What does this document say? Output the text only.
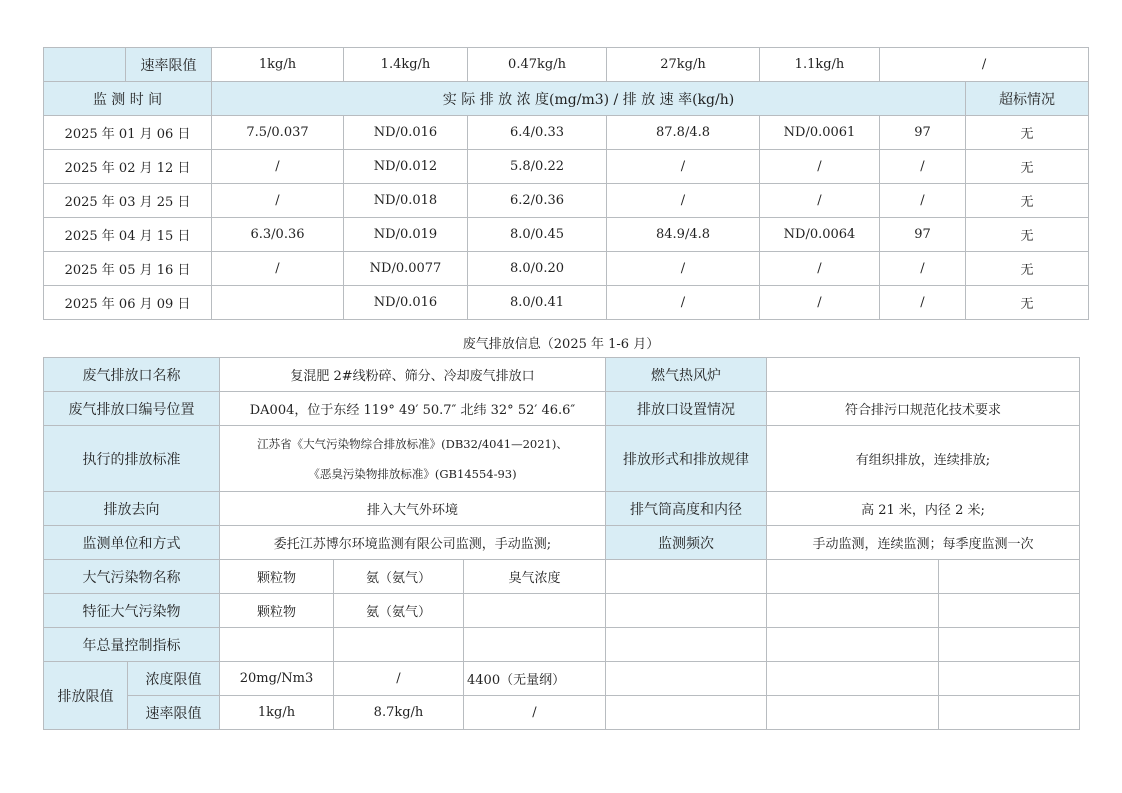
	速率限值	1kg/h	1.4kg/h	0.47kg/h	27kg/h	1.1kg/h	/	
监 测 时 间		实 际 排 放 浓 度(mg/m3) / 排 放 速 率(kg/h)						超标情况
2025 年 01 月 06 日		7.5/0.037	ND/0.016	6.4/0.33	87.8/4.8	ND/0.0061	97	无
2025 年 02 月 12 日		/	ND/0.012	5.8/0.22	/	/	/	无
2025 年 03 月 25 日		/	ND/0.018	6.2/0.36	/	/	/	无
2025 年 04 月 15 日		6.3/0.36	ND/0.019	8.0/0.45	84.9/4.8	ND/0.0064	97	无
2025 年 05 月 16 日		/	ND/0.0077	8.0/0.20	/	/	/	无
2025 年 06 月 09 日			ND/0.016	8.0/0.41	/	/	/	无
废气排放信息（2025 年 1-6 月）
废气排放口名称		复混肥 2#线粉碎、筛分、冷却废气排放口			燃气热风炉		
废气排放口编号位置		DA004，位于东经 119° 49′ 50.7″ 北纬 32° 52′ 46.6″			排放口设置情况	符合排污口规范化技术要求	
执行的排放标准		江苏省《大气污染物综合排放标准》(DB32/4041—2021)、
《恶臭污染物排放标准》(GB14554-93)			排放形式和排放规律	有组织排放，连续排放;	
排放去向		排入大气外环境			排气筒高度和内径	高 21 米，内径 2 米;	
监测单位和方式		委托江苏博尔环境监测有限公司监测，手动监测;			监测频次	手动监测，连续监测；每季度监测一次	
大气污染物名称		颗粒物	氨（氨气）	臭气浓度			
特征大气污染物		颗粒物	氨（氨气）				
年总量控制指标							
排放限值	浓度限值	20mg/Nm3	/	4400（无量纲）			
	速率限值	1kg/h	8.7kg/h	/			
